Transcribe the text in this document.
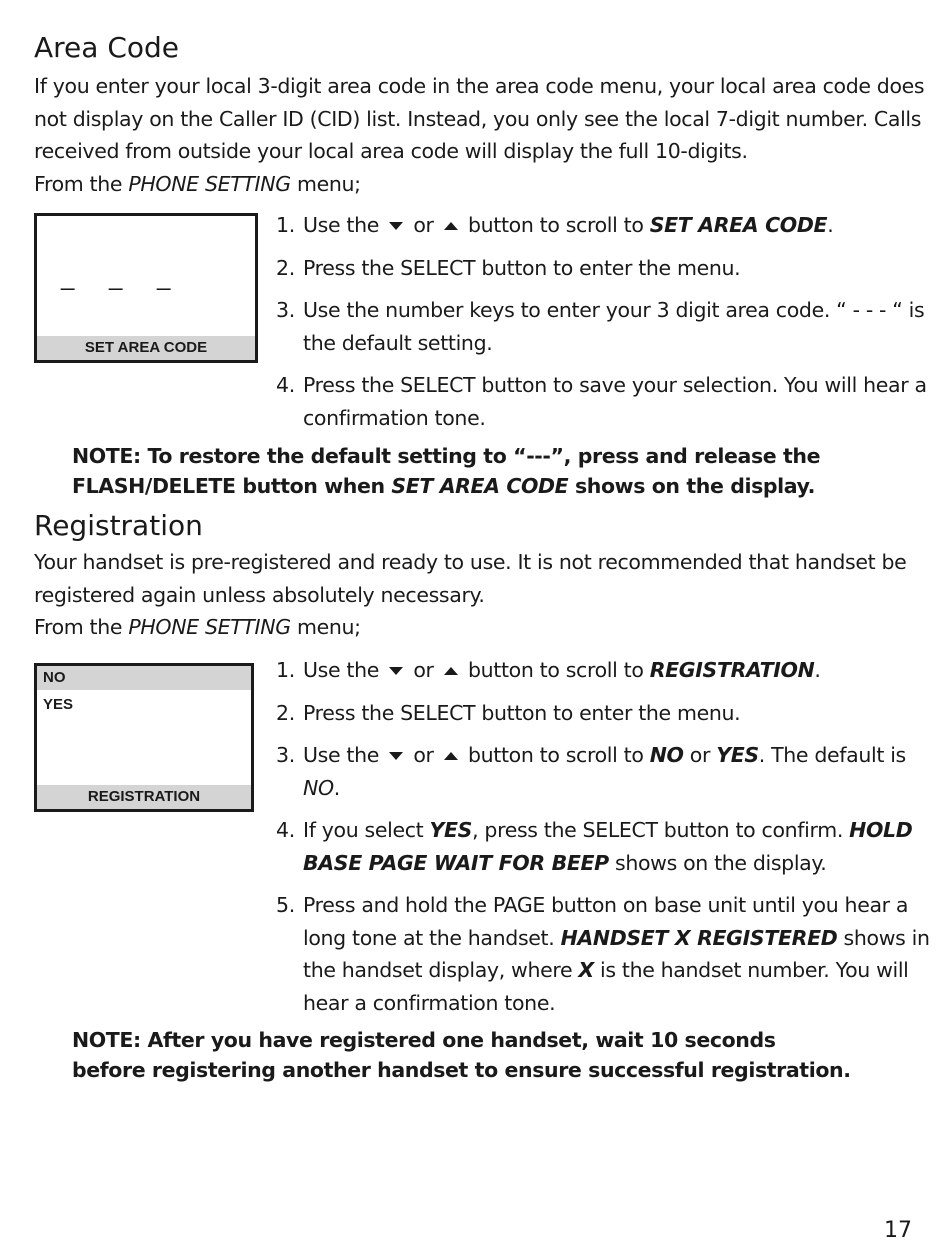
Area Code

If you enter your local 3-digit area code in the area code menu, your local area code does not display on the Caller ID (CID) list. Instead, you only see the local 7-digit number. Calls received from outside your local area code will display the full 10-digits.

From the PHONE SETTING menu;

_ _ _
SET AREA CODE
1. Use the or button to scroll to SET AREA CODE.
2. Press the SELECT button to enter the menu.
3. Use the number keys to enter your 3 digit area code. “ - - - “ is the default setting.
4. Press the SELECT button to save your selection. You will hear a confirmation tone.

NOTE: To restore the default setting to “---”, press and release the FLASH/DELETE button when SET AREA CODE shows on the display.

Registration

Your handset is pre-registered and ready to use. It is not recommended that handset be registered again unless absolutely necessary.

From the PHONE SETTING menu;

NO
YES
REGISTRATION
1. Use the or button to scroll to REGISTRATION.
2. Press the SELECT button to enter the menu.
3. Use the or button to scroll to NO or YES. The default is NO.
4. If you select YES, press the SELECT button to confirm. HOLD BASE PAGE WAIT FOR BEEP shows on the display.
5. Press and hold the PAGE button on base unit until you hear a long tone at the handset. HANDSET X REGISTERED shows in the handset display, where X is the handset number. You will hear a confirmation tone.

NOTE: After you have registered one handset, wait 10 seconds

before registering another handset to ensure successful registration.

17
